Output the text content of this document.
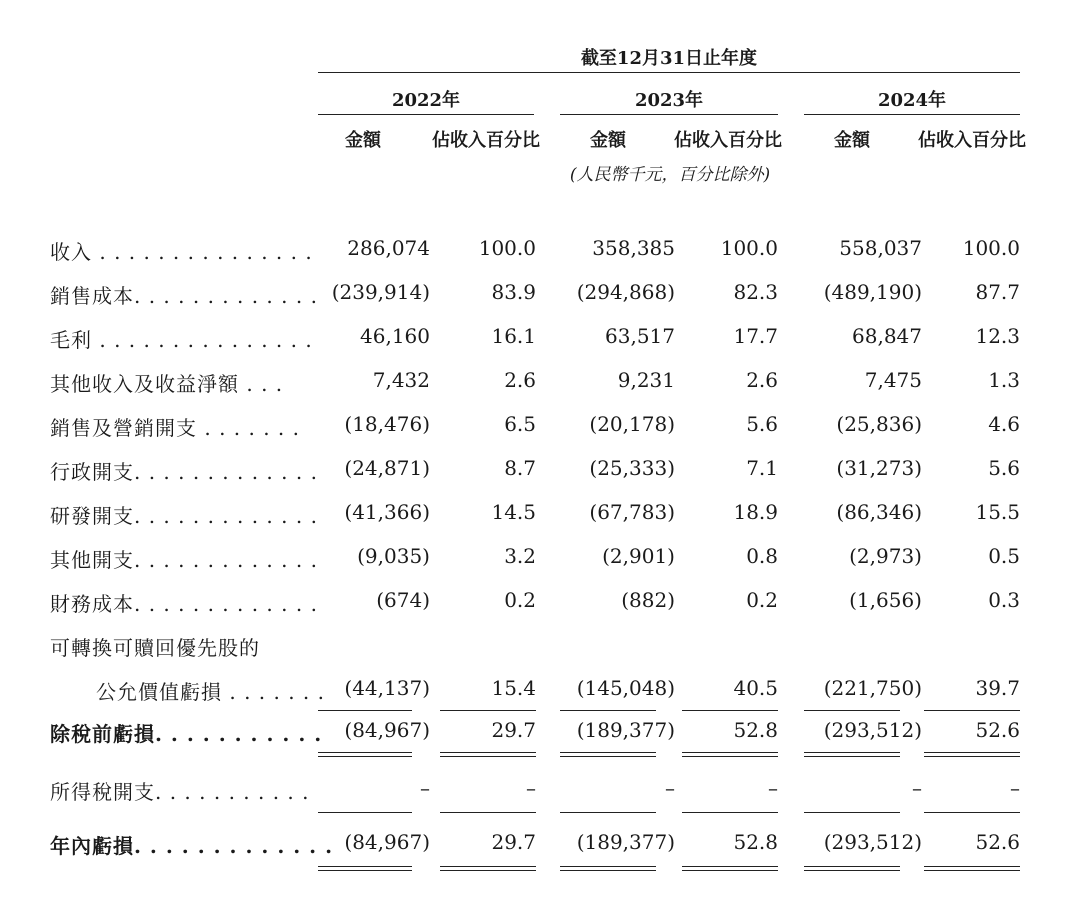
截至12月31日止年度
2022年	2023年	2024年
金額	佔收入百分比	金額	佔收入百分比	金額	佔收入百分比
(人民幣千元，百分比除外)
收入 . . . . . . . . . . . . . . .	286,074	100.0	358,385	100.0	558,037	100.0
銷售成本. . . . . . . . . . . . . (239,914)	83.9	(294,868)	82.3	(489,190)	87.7
毛利 . . . . . . . . . . . . . . .	46,160	16.1	63,517	17.7	68,847	12.3
其他收入及收益淨額 . . .	7,432	2.6	9,231	2.6	7,475	1.3
銷售及營銷開支 . . . . . . .	(18,476)	6.5	(20,178)	5.6	(25,836)	4.6
行政開支. . . . . . . . . . . . .	(24,871)	8.7	(25,333)	7.1	(31,273)	5.6
研發開支. . . . . . . . . . . . .	(41,366)	14.5	(67,783)	18.9	(86,346)	15.5
其他開支. . . . . . . . . . . . .	(9,035)	3.2	(2,901)	0.8	(2,973)	0.5
財務成本. . . . . . . . . . . . .	(674)	0.2	(882)	0.2	(1,656)	0.3
可轉換可贖回優先股的
公允價值虧損 . . . . . . . (44,137)	15.4	(145,048)	40.5	(221,750)	39.7
除稅前虧損. . . . . . . . . . .	(84,967)	29.7	(189,377)	52.8	(293,512)	52.6
所得稅開支. . . . . . . . . . .	–	–	–	–	–	–
年內虧損. . . . . . . . . . . . . (84,967)	29.7	(189,377)	52.8	(293,512)	52.6
